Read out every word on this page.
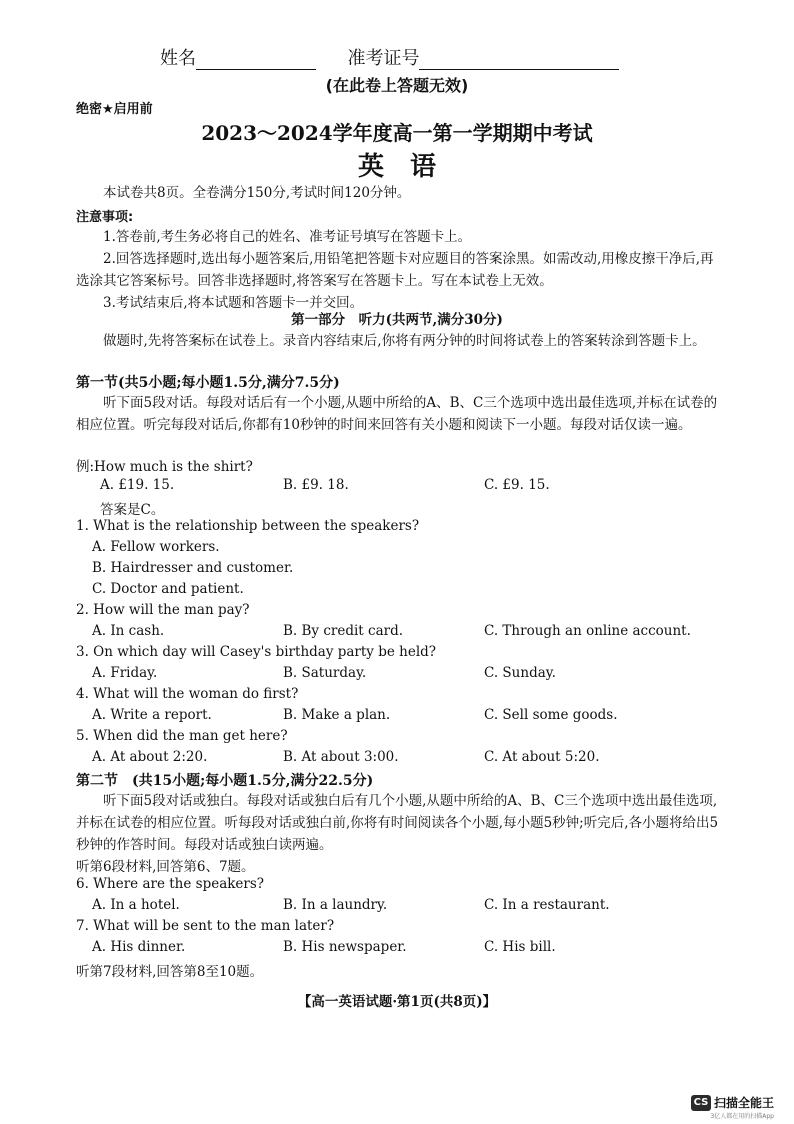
姓名	准考证号
(在此卷上答题无效)
绝密★启用前
2023～2024学年度高一第一学期期中考试
英　语
本试卷共8页。全卷满分150分,考试时间120分钟。
注意事项:
1.答卷前,考生务必将自己的姓名、准考证号填写在答题卡上。
2.回答选择题时,选出每小题答案后,用铅笔把答题卡对应题目的答案涂黑。如需改动,用橡皮擦干净后,再选涂其它答案标号。回答非选择题时,将答案写在答题卡上。写在本试卷上无效。
3.考试结束后,将本试题和答题卡一并交回。
第一部分　听力(共两节,满分30分)
做题时,先将答案标在试卷上。录音内容结束后,你将有两分钟的时间将试卷上的答案转涂到答题卡上。
第一节(共5小题;每小题1.5分,满分7.5分)
听下面5段对话。每段对话后有一个小题,从题中所给的A、B、C三个选项中选出最佳选项,并标在试卷的相应位置。听完每段对话后,你都有10秒钟的时间来回答有关小题和阅读下一小题。每段对话仅读一遍。
例:How much is the shirt?
A. £19. 15.	B. £9. 18.	C. £9. 15.
答案是C。
1. What is the relationship between the speakers?
A. Fellow workers.
B. Hairdresser and customer.
C. Doctor and patient.
2. How will the man pay?
A. In cash.	B. By credit card.	C. Through an online account.
3. On which day will Casey's birthday party be held?
A. Friday.	B. Saturday.	C. Sunday.
4. What will the woman do first?
A. Write a report.	B. Make a plan.	C. Sell some goods.
5. When did the man get here?
A. At about 2:20.	B. At about 3:00.	C. At about 5:20.
第二节　(共15小题;每小题1.5分,满分22.5分)
听下面5段对话或独白。每段对话或独白后有几个小题,从题中所给的A、B、C三个选项中选出最佳选项,并标在试卷的相应位置。听每段对话或独白前,你将有时间阅读各个小题,每小题5秒钟;听完后,各小题将给出5秒钟的作答时间。每段对话或独白读两遍。
听第6段材料,回答第6、7题。
6. Where are the speakers?
A. In a hotel.	B. In a laundry.	C. In a restaurant.
7. What will be sent to the man later?
A. His dinner.	B. His newspaper.	C. His bill.
听第7段材料,回答第8至10题。
【高一英语试题·第1页(共8页)】
CS 扫描全能王
3亿人都在用的扫描App
